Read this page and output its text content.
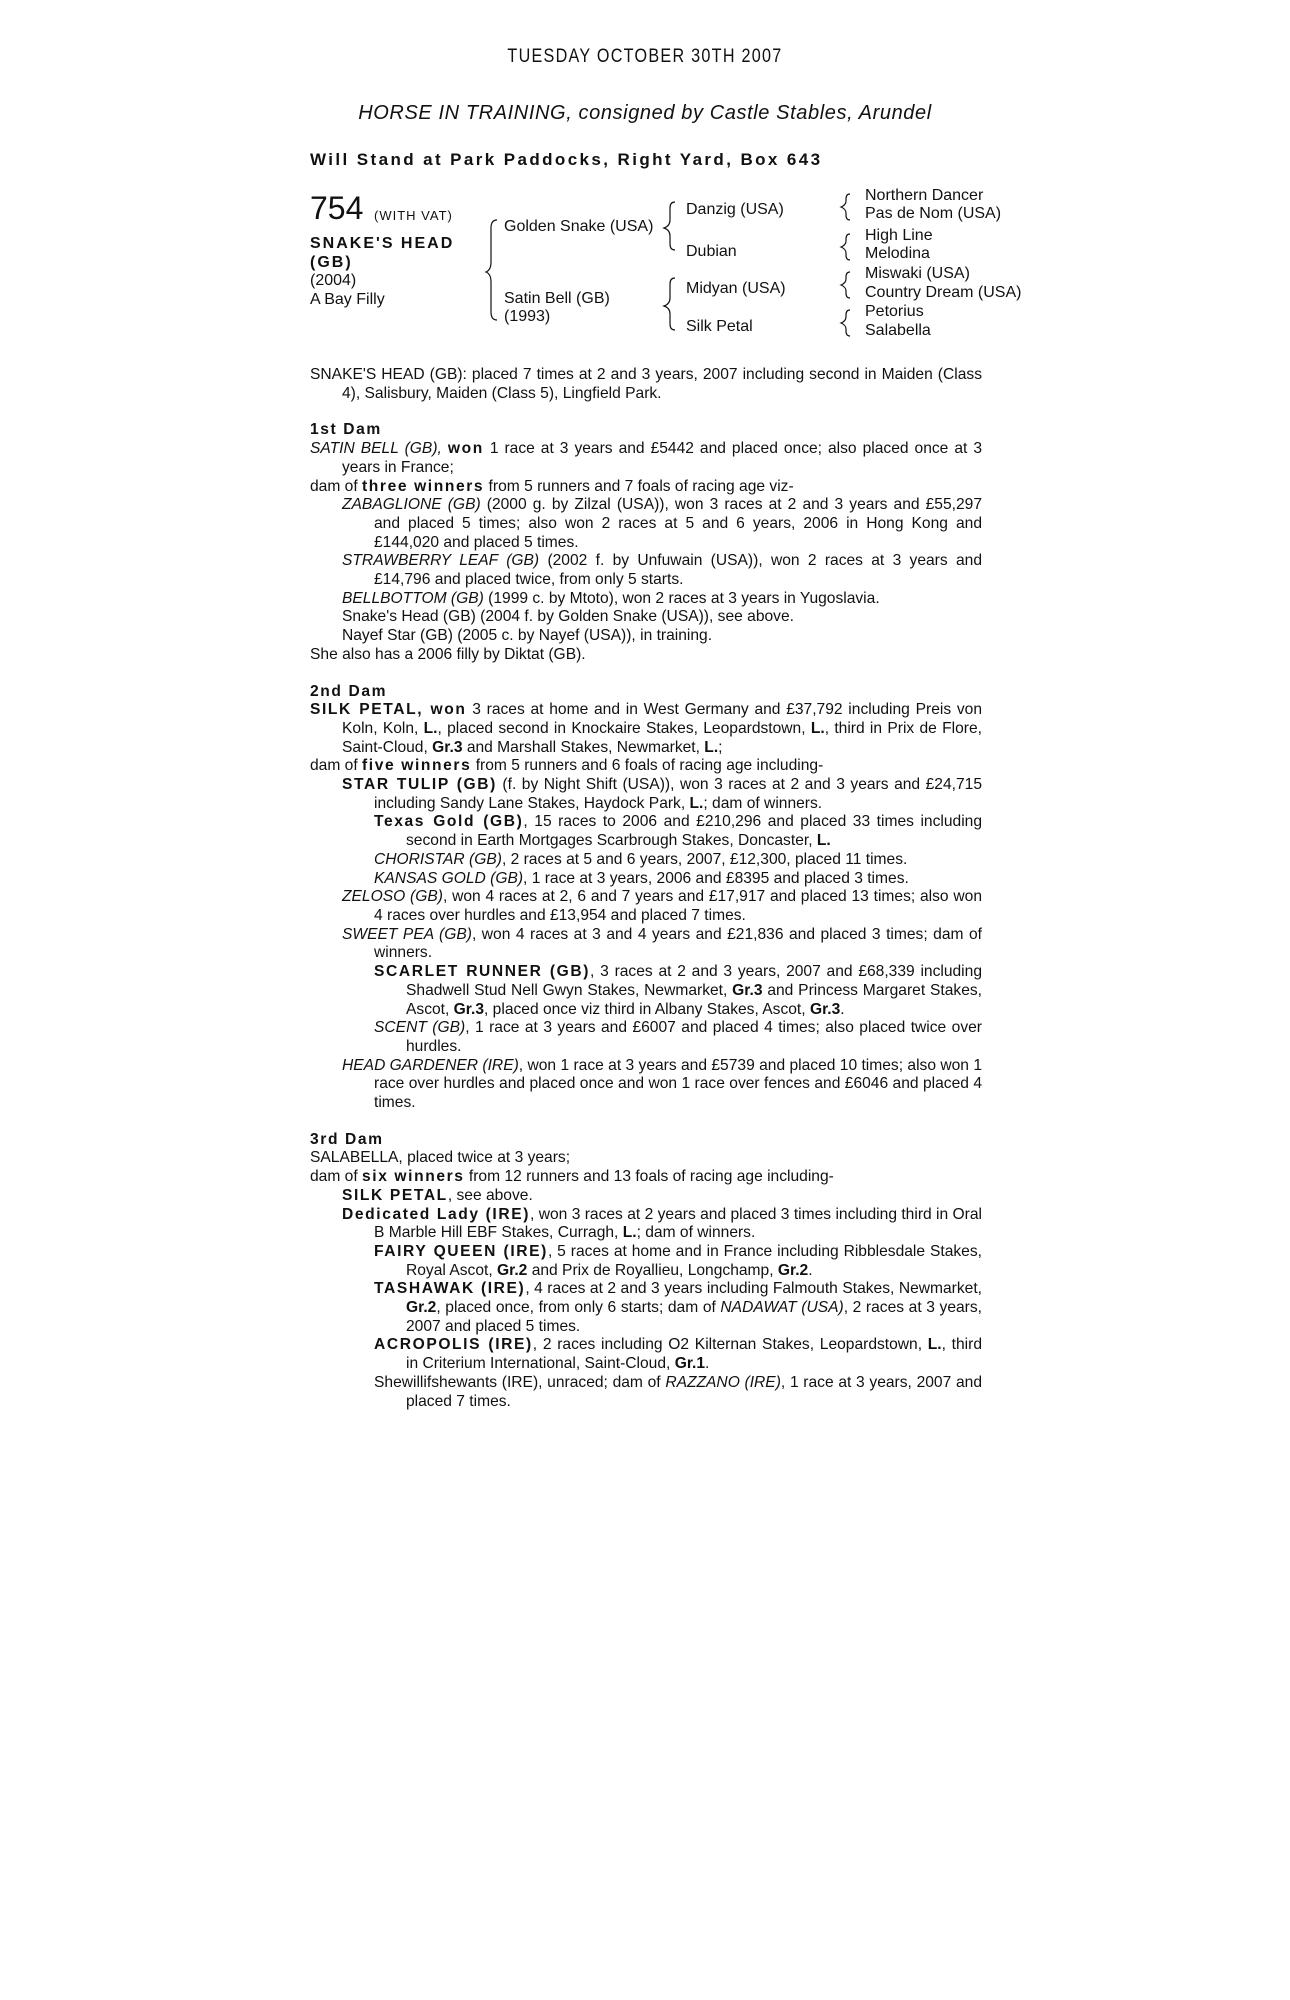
TUESDAY OCTOBER 30TH 2007
HORSE IN TRAINING, consigned by Castle Stables, Arundel
Will Stand at Park Paddocks, Right Yard, Box 643
754 (WITH VAT)
SNAKE'S HEAD (GB)
(2004)
A Bay Filly
Golden Snake (USA)
Satin Bell (GB) (1993)
Danzig (USA)
Dubian
Midyan (USA)
Silk Petal
Northern Dancer
Pas de Nom (USA)
High Line
Melodina
Miswaki (USA)
Country Dream (USA)
Petorius
Salabella

SNAKE'S HEAD (GB): placed 7 times at 2 and 3 years, 2007 including second in Maiden (Class 4), Salisbury, Maiden (Class 5), Lingfield Park.

1st Dam

SATIN BELL (GB), won 1 race at 3 years and £5442 and placed once; also placed once at 3 years in France;

dam of three winners from 5 runners and 7 foals of racing age viz-

ZABAGLIONE (GB) (2000 g. by Zilzal (USA)), won 3 races at 2 and 3 years and £55,297 and placed 5 times; also won 2 races at 5 and 6 years, 2006 in Hong Kong and £144,020 and placed 5 times.

STRAWBERRY LEAF (GB) (2002 f. by Unfuwain (USA)), won 2 races at 3 years and £14,796 and placed twice, from only 5 starts.

BELLBOTTOM (GB) (1999 c. by Mtoto), won 2 races at 3 years in Yugoslavia.

Snake's Head (GB) (2004 f. by Golden Snake (USA)), see above.

Nayef Star (GB) (2005 c. by Nayef (USA)), in training.

She also has a 2006 filly by Diktat (GB).

2nd Dam

SILK PETAL, won 3 races at home and in West Germany and £37,792 including Preis von Koln, Koln, L., placed second in Knockaire Stakes, Leopardstown, L., third in Prix de Flore, Saint-Cloud, Gr.3 and Marshall Stakes, Newmarket, L.;

dam of five winners from 5 runners and 6 foals of racing age including-

STAR TULIP (GB) (f. by Night Shift (USA)), won 3 races at 2 and 3 years and £24,715 including Sandy Lane Stakes, Haydock Park, L.; dam of winners.

Texas Gold (GB), 15 races to 2006 and £210,296 and placed 33 times including second in Earth Mortgages Scarbrough Stakes, Doncaster, L.

CHORISTAR (GB), 2 races at 5 and 6 years, 2007, £12,300, placed 11 times.

KANSAS GOLD (GB), 1 race at 3 years, 2006 and £8395 and placed 3 times.

ZELOSO (GB), won 4 races at 2, 6 and 7 years and £17,917 and placed 13 times; also won 4 races over hurdles and £13,954 and placed 7 times.

SWEET PEA (GB), won 4 races at 3 and 4 years and £21,836 and placed 3 times; dam of winners.

SCARLET RUNNER (GB), 3 races at 2 and 3 years, 2007 and £68,339 including Shadwell Stud Nell Gwyn Stakes, Newmarket, Gr.3 and Princess Margaret Stakes, Ascot, Gr.3, placed once viz third in Albany Stakes, Ascot, Gr.3.

SCENT (GB), 1 race at 3 years and £6007 and placed 4 times; also placed twice over hurdles.

HEAD GARDENER (IRE), won 1 race at 3 years and £5739 and placed 10 times; also won 1 race over hurdles and placed once and won 1 race over fences and £6046 and placed 4 times.

3rd Dam

SALABELLA, placed twice at 3 years;

dam of six winners from 12 runners and 13 foals of racing age including-

SILK PETAL, see above.

Dedicated Lady (IRE), won 3 races at 2 years and placed 3 times including third in Oral B Marble Hill EBF Stakes, Curragh, L.; dam of winners.

FAIRY QUEEN (IRE), 5 races at home and in France including Ribblesdale Stakes, Royal Ascot, Gr.2 and Prix de Royallieu, Longchamp, Gr.2.

TASHAWAK (IRE), 4 races at 2 and 3 years including Falmouth Stakes, Newmarket, Gr.2, placed once, from only 6 starts; dam of NADAWAT (USA), 2 races at 3 years, 2007 and placed 5 times.

ACROPOLIS (IRE), 2 races including O2 Kilternan Stakes, Leopardstown, L., third in Criterium International, Saint-Cloud, Gr.1.

Shewillifshewants (IRE), unraced; dam of RAZZANO (IRE), 1 race at 3 years, 2007 and placed 7 times.
